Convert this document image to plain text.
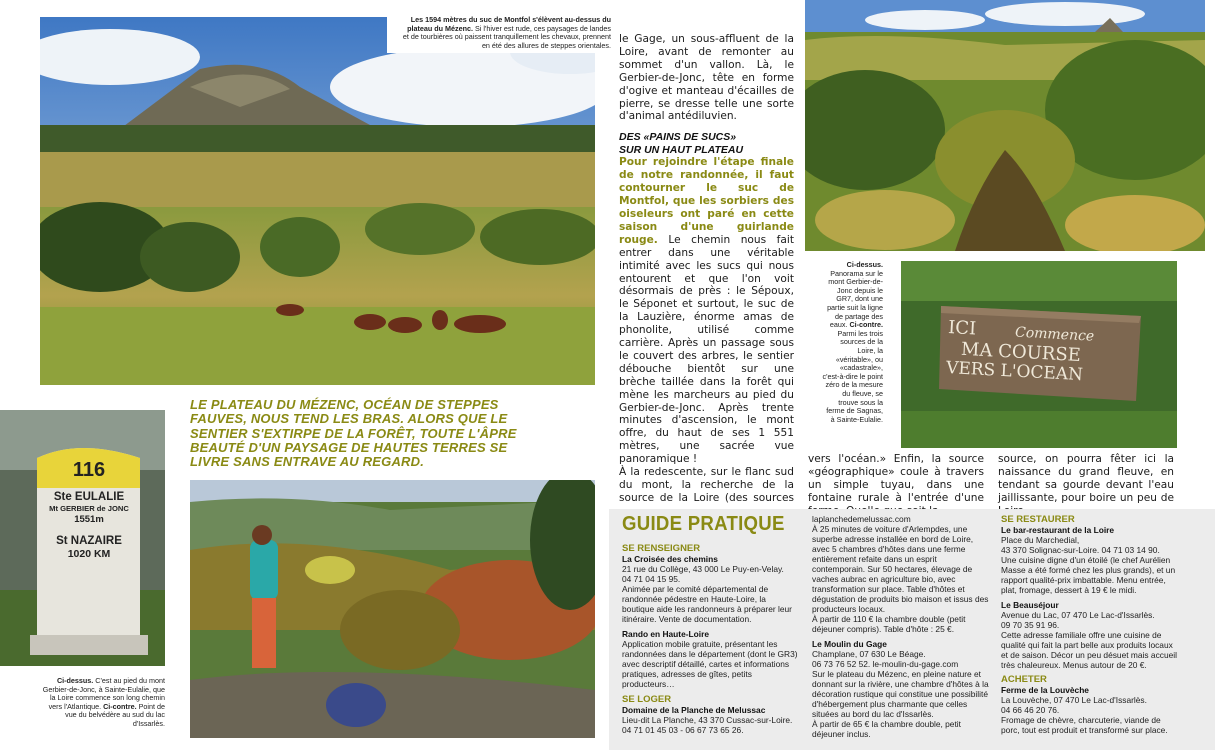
Les 1594 mètres du suc de Montfol s'élèvent au-dessus du plateau du Mézenc. Si l'hiver est rude, ces paysages de landes et de tourbières où paissent tranquillement les chevaux, prennent en été des allures de steppes orientales.
ICI	Commence
MA COURSE
VERS L'OCEAN
116
Ste EULALIE
Mt GERBIER de JONC
1551m
St NAZAIRE
1020 KM
Ci-dessus. C'est au pied du mont Gerbier-de-Jonc, à Sainte-Eulalie, que la Loire commence son long chemin vers l'Atlantique. Ci-contre. Point de vue du belvédère au sud du lac d'Issarlès.
LE PLATEAU DU MÉZENC, OCÉAN DE STEPPES FAUVES, NOUS TEND LES BRAS. ALORS QUE LE SENTIER S'EXTIRPE DE LA FORÊT, TOUTE L'ÂPRE BEAUTÉ D'UN PAYSAGE DE HAUTES TERRES SE LIVRE SANS ENTRAVE AU REGARD.
Ci-dessus. Panorama sur le mont Gerbier-de-Jonc depuis le GR7, dont une partie suit la ligne de partage des eaux. Ci-contre. Parmi les trois sources de la Loire, la «véritable», ou «cadastrale», c'est-à-dire le point zéro de la mesure du fleuve, se trouve sous la ferme de Sagnas, à Sainte-Eulalie.

le Gage, un sous-affluent de la Loire, avant de remonter au sommet d'un vallon. Là, le Gerbier-de-Jonc, tête en forme d'ogive et manteau d'écailles de pierre, se dresse telle une sorte d'animal antédiluvien.

DES «PAINS DE SUCS»
SUR UN HAUT PLATEAU

Pour rejoindre l'étape finale de notre randonnée, il faut contourner le suc de Montfol, que les sorbiers des oiseleurs ont paré en cette saison d'une guirlande rouge. Le chemin nous fait entrer dans une véritable intimité avec les sucs qui nous entourent et que l'on voit désormais de près : le Sépoux, le Séponet et surtout, le suc de la Lauzière, énorme amas de phonolite, utilisé comme carrière. Après un passage sous le couvert des arbres, le sentier débouche bientôt sur une brèche taillée dans la forêt qui mène les marcheurs au pied du Gerbier-de-Jonc. Après trente minutes d'ascension, le mont offre, du haut de ses 1 551 mètres, une sacrée vue panoramique !

À la redescente, sur le flanc sud du mont, la recherche de la source de la Loire (des sources

vers l'océan.» Enfin, la source «géographique» coule à travers un simple tuyau, dans une fontaine rurale à l'entrée d'une
source, on pourra fêter ici la naissance du grand fleuve, en tendant sa gourde devant l'eau jaillissante, pour boire un peu de
GUIDE PRATIQUE
SE RENSEIGNER
La Croisée des chemins
21 rue du Collège, 43 000 Le Puy-en-Velay.
04 71 04 15 95.
Animée par le comité départemental de randonnée pédestre en Haute-Loire, la boutique aide les randonneurs à préparer leur itinéraire. Vente de documentation.
Rando en Haute-Loire
Application mobile gratuite, présentant les randonnées dans le département (dont le GR3) avec descriptif détaillé, cartes et informations pratiques, adresses de gîtes, petits producteurs…
SE LOGER
Domaine de la Planche de Melussac
Lieu-dit La Planche, 43 370 Cussac-sur-Loire.
04 71 01 45 03 - 06 67 73 65 26.
laplanchedemelussac.com
À 25 minutes de voiture d'Arlempdes, une superbe adresse installée en bord de Loire, avec 5 chambres d'hôtes dans une ferme entièrement refaite dans un esprit contemporain. Sur 50 hectares, élevage de vaches aubrac en agriculture bio, avec transformation sur place. Table d'hôtes et dégustation de produits bio maison et issus des producteurs locaux.
À partir de 110 € la chambre double (petit déjeuner compris). Table d'hôte : 25 €.
Le Moulin du Gage
Champlane, 07 630 Le Béage.
06 73 76 52 52. le-moulin-du-gage.com
Sur le plateau du Mézenc, en pleine nature et donnant sur la rivière, une chambre d'hôtes à la décoration rustique qui constitue une possibilité d'hébergement plus charmante que celles situées au bord du lac d'Issarlès.
À partir de 65 € la chambre double, petit déjeuner inclus.
SE RESTAURER
Le bar-restaurant de la Loire
Place du Marchedial,
43 370 Solignac-sur-Loire. 04 71 03 14 90.
Une cuisine digne d'un étoilé (le chef Aurélien Masse a été formé chez les plus grands), et un rapport qualité-prix imbattable. Menu entrée, plat, fromage, dessert à 19 € le midi.
Le Beauséjour
Avenue du Lac, 07 470 Le Lac-d'Issarlès.
09 70 35 91 96.
Cette adresse familiale offre une cuisine de qualité qui fait la part belle aux produits locaux et de saison. Décor un peu désuet mais accueil très chaleureux. Menus autour de 20 €.
ACHETER
Ferme de la Louvèche
La Louvèche, 07 470 Le Lac-d'Issarlès.
04 66 46 20 76.
Fromage de chèvre, charcuterie, viande de porc, tout est produit et transformé sur place.
